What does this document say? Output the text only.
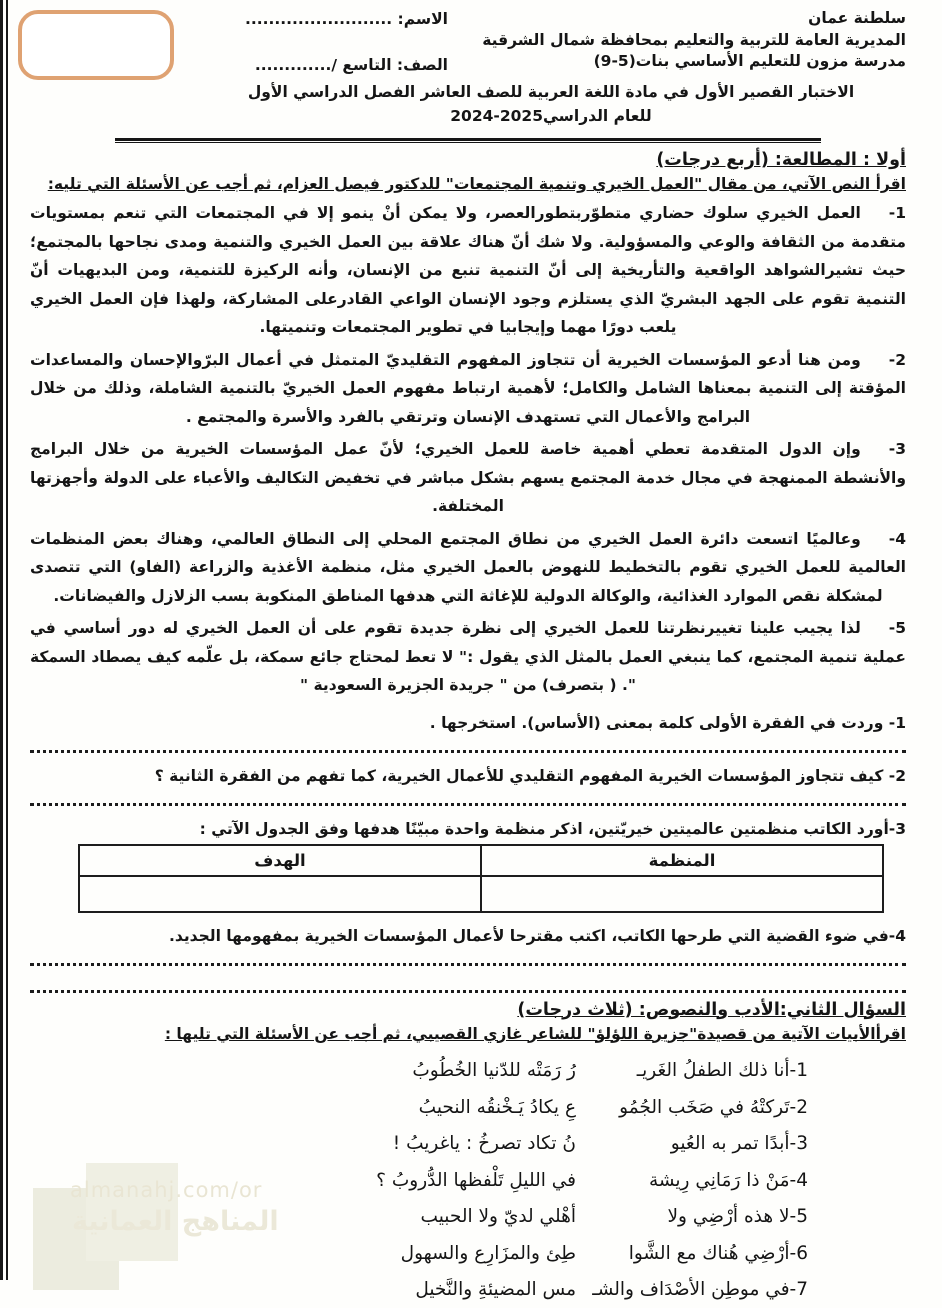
almanahj.com/or
المناهج العمانية
سلطنة عمان
المديرية العامة للتربية والتعليم بمحافظة شمال الشرقية
مدرسة مزون للتعليم الأساسي بنات(5-9)
الاسم: .........................
الصف: التاسع /.............
الاختبار القصير الأول في مادة اللغة العربية للصف العاشر الفصل الدراسي الأول
للعام الدراسي2025-2024
أولا : المطالعة: (أربع درجات)
اقرأ النص الآتي، من مقال "العمل الخيري وتنمية المجتمعات" للدكتور فيصل العزام، ثم أجب عن الأسئلة التي تليه:
1-العمل الخيري سلوك حضاري متطوّربتطورالعصر، ولا يمكن أنْ ينمو إلا في المجتمعات التي تنعم بمستويات متقدمة من الثقافة والوعي والمسؤولية. ولا شك أنّ هناك علاقة بين العمل الخيري والتنمية ومدى نجاحها بالمجتمع؛ حيث تشيرالشواهد الواقعية والتأريخية إلى أنّ التنمية تنبع من الإنسان، وأنه الركيزة للتنمية، ومن البديهيات أنّ التنمية تقوم على الجهد البشريّ الذي يستلزم وجود الإنسان الواعي القادرعلى المشاركة، ولهذا فإن العمل الخيري يلعب دورًا مهما وإيجابيا في تطوير المجتمعات وتنميتها.
2-ومن هنا أدعو المؤسسات الخيرية أن تتجاوز المفهوم التقليديّ المتمثل في أعمال البرّوالإحسان والمساعدات المؤقتة إلى التنمية بمعناها الشامل والكامل؛ لأهمية ارتباط مفهوم العمل الخيريّ بالتنمية الشاملة، وذلك من خلال البرامج والأعمال التي تستهدف الإنسان وترتقي بالفرد والأسرة والمجتمع .
3-وإن الدول المتقدمة تعطي أهمية خاصة للعمل الخيري؛ لأنّ عمل المؤسسات الخيرية من خلال البرامج والأنشطة الممنهجة في مجال خدمة المجتمع يسهم بشكل مباشر في تخفيض التكاليف والأعباء على الدولة وأجهزتها المختلفة.
4-وعالميًا اتسعت دائرة العمل الخيري من نطاق المجتمع المحلي إلى النطاق العالمي، وهناك بعض المنظمات العالمية للعمل الخيري تقوم بالتخطيط للنهوض بالعمل الخيري مثل، منظمة الأغذية والزراعة (الفاو) التي تتصدى لمشكلة نقص الموارد الغذائية، والوكالة الدولية للإغاثة التي هدفها المناطق المنكوبة بسب الزلازل والفيضانات.
5-لذا يجيب علينا تغييرنظرتنا للعمل الخيري إلى نظرة جديدة تقوم على أن العمل الخيري له دور أساسي في عملية تنمية المجتمع، كما ينبغي العمل بالمثل الذي يقول :" لا تعط لمحتاج جائع سمكة، بل علّمه كيف يصطاد السمكة ". ( بتصرف) من " جريدة الجزيرة السعودية "
1- وردت في الفقرة الأولى كلمة بمعنى (الأساس). استخرجها .
2- كيف تتجاوز المؤسسات الخيرية المفهوم التقليدي للأعمال الخيرية، كما تفهم من الفقرة الثانية ؟
3-أورد الكاتب منظمتين عالميتين خيريّتين، اذكر منظمة واحدة مبيّنًا هدفها وفق الجدول الآتي :
المنظمة	الهدف

4-في ضوء القضية التي طرحها الكاتب، اكتب مقترحا لأعمال المؤسسات الخيرية بمفهومها الجديد.
السؤال الثاني:الأدب والنصوص: (ثلاث درجات)
اقرأالأبيات الآتية من قصيدة"جزيرة اللؤلؤ" للشاعر غازي القصيبي، ثم أجب عن الأسئلة التي تليها :
1-أنا ذلك الطفلُ الغَريـ
رُ رَمَتْه للدّنيا الخُطُوبُ
2-تَركتْهُ في صَخَب الجُمُو
عِ يكادُ يَـخْنقُه النحيبُ
3-أبدًا تمر به العُيو
نُ تكاد تصرخُ : ياغريبُ !
4-مَنْ ذا رَمَانِي رِيشة
في الليلِ تَلْفظها الدُّروبُ ؟
5-لا هذه أرْضِي ولا
أهْلي لديّ ولا الحبيب
6-أرْضِي هُناك مع الشَّوا
طِئ والمزَارِع والسهول
7-في موطِن الأصْدَاف والشـ
مس المضيئةِ والنَّخيل
